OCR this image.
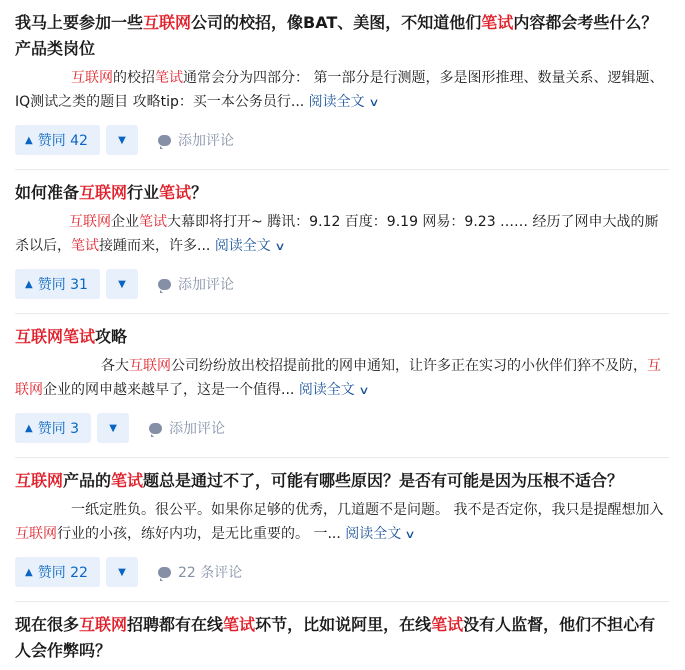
我马上要参加一些互联网公司的校招，像BAT、美图，不知道他们笔试内容都会考些什么？产品类岗位
互联网的校招笔试通常会分为四部分： 第一部分是行测题，多是图形推理、数量关系、逻辑题、IQ测试之类的题目 攻略tip：买一本公务员行... 阅读全文 ∨
▲ 赞同 42	▼	添加评论
如何准备互联网行业笔试？
互联网企业笔试大幕即将打开~ 腾讯：9.12 百度：9.19 网易：9.23 …… 经历了网申大战的厮杀以后，笔试接踵而来，许多... 阅读全文 ∨
▲ 赞同 31	▼	添加评论
互联网笔试攻略
各大互联网公司纷纷放出校招提前批的网申通知，让许多正在实习的小伙伴们猝不及防，互联网企业的网申越来越早了，这是一个值得... 阅读全文 ∨
▲ 赞同 3	▼	添加评论
互联网产品的笔试题总是通过不了，可能有哪些原因？是否有可能是因为压根不适合？
一纸定胜负。很公平。如果你足够的优秀，几道题不是问题。 我不是否定你，我只是提醒想加入互联网行业的小孩，练好内功，是无比重要的。 一... 阅读全文 ∨
▲ 赞同 22	▼	22 条评论
现在很多互联网招聘都有在线笔试环节，比如说阿里，在线笔试没有人监督，他们不担心有人会作弊吗？
